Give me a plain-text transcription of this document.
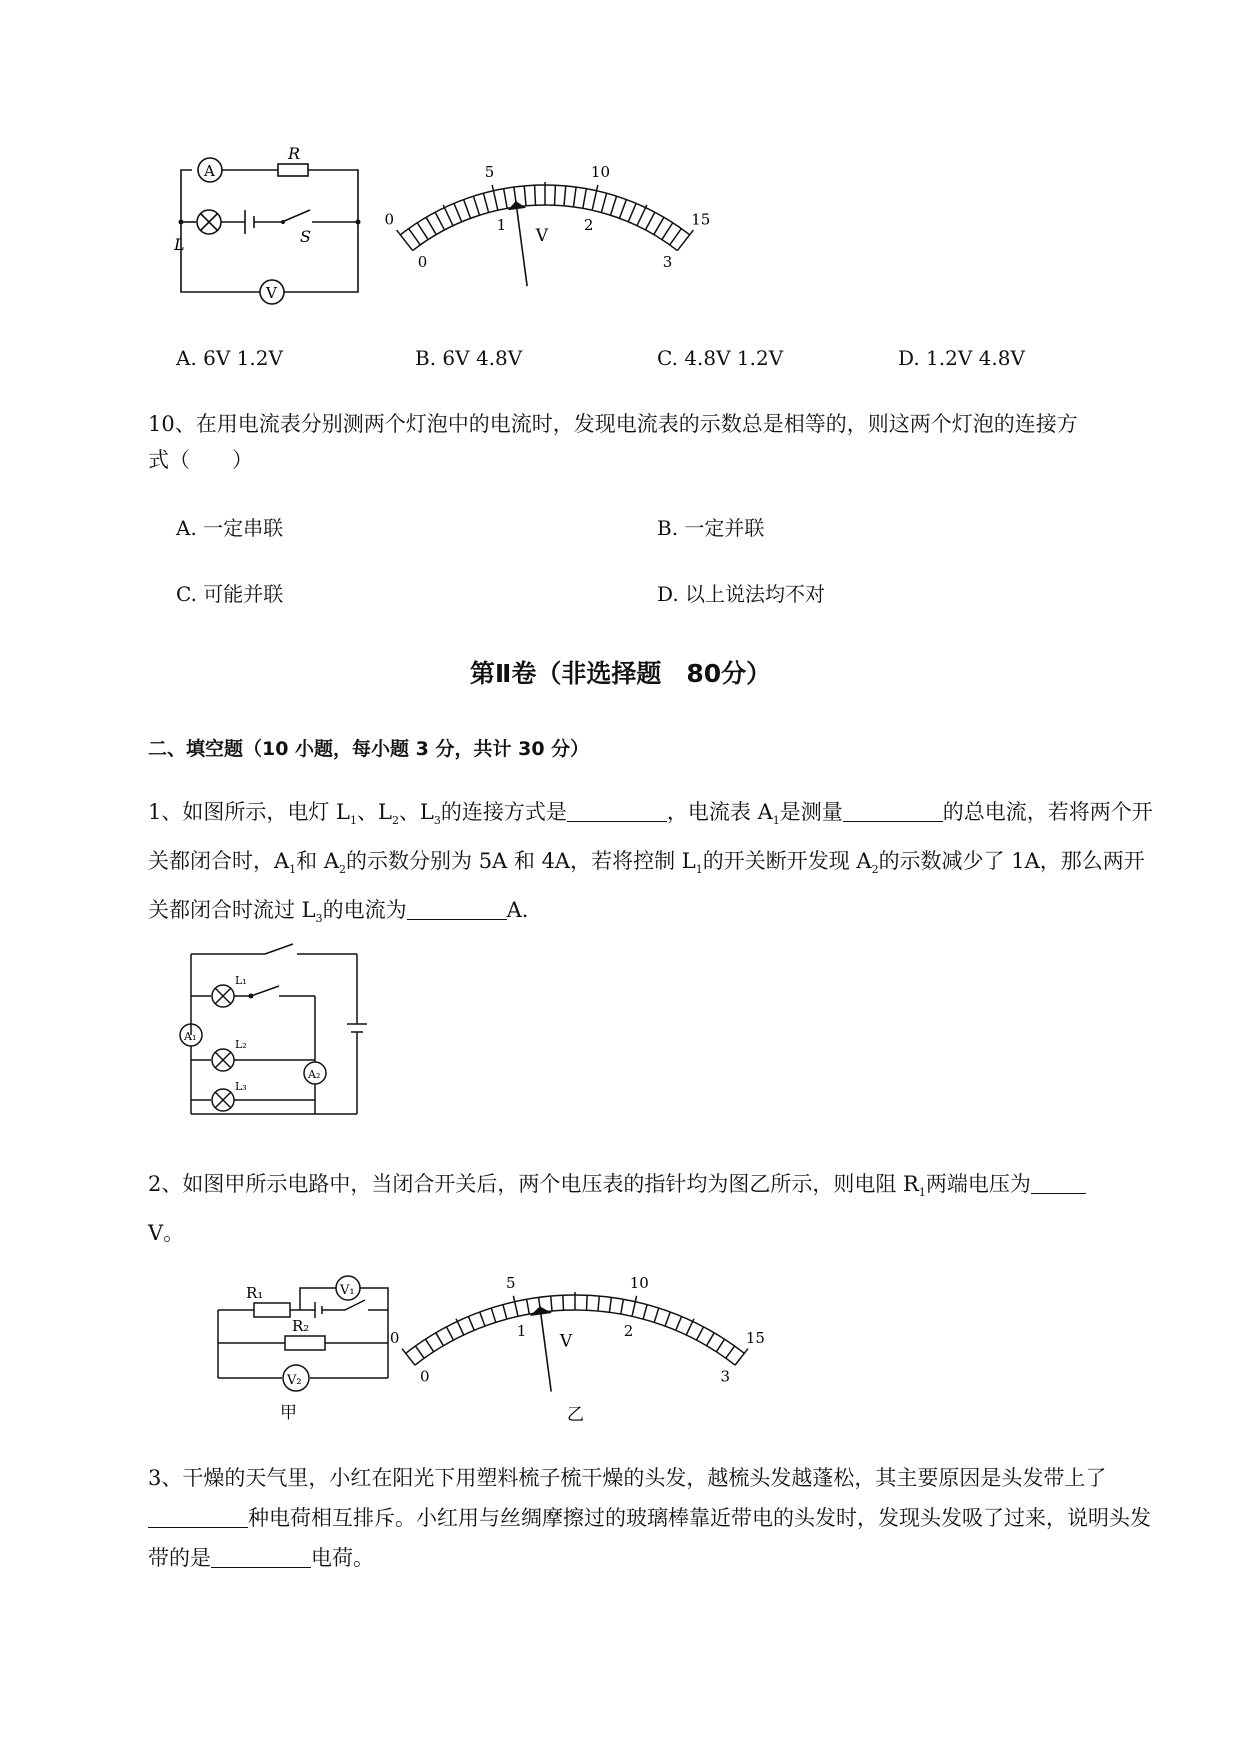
A
R
L	S
V
0
5	10
15
0
1	2
3
V
A. 6V 1.2V	B. 6V 4.8V	C. 4.8V 1.2V	D. 1.2V 4.8V
10、在用电流表分别测两个灯泡中的电流时，发现电流表的示数总是相等的，则这两个灯泡的连接方
式（　　）
A. 一定串联	B. 一定并联
C. 可能并联	D. 以上说法均不对
第Ⅱ卷（非选择题　80分）
二、填空题（10 小题，每小题 3 分，共计 30 分）
1、如图所示，电灯 $L_1$、$L_2$、$L_3$的连接方式是	，电流表 $A_1$是测量	的总电流，若将两个开关都闭合时，$A_1$和 $A_2$的示数分别为 5A 和 4A，若将控制 $L_1$的开关断开发现 $A_2$的示数减少了 1A，那么两开关都闭合时流过 $L_3$的电流为	A.
A₁
A₂
L₁
L₂
L₃
2、如图甲所示电路中，当闭合开关后，两个电压表的指针均为图乙所示，则电阻 $R_1$两端电压为
V。
R₁
R₂
V₁
V₂
甲
0
5	10
15
0
1	2
3
V
乙
3、干燥的天气里，小红在阳光下用塑料梳子梳干燥的头发，越梳头发越蓬松，其主要原因是头发带上了种电荷相互排斥。小红用与丝绸摩擦过的玻璃棒靠近带电的头发时，发现头发吸了过来，说明头发带的是	电荷。
